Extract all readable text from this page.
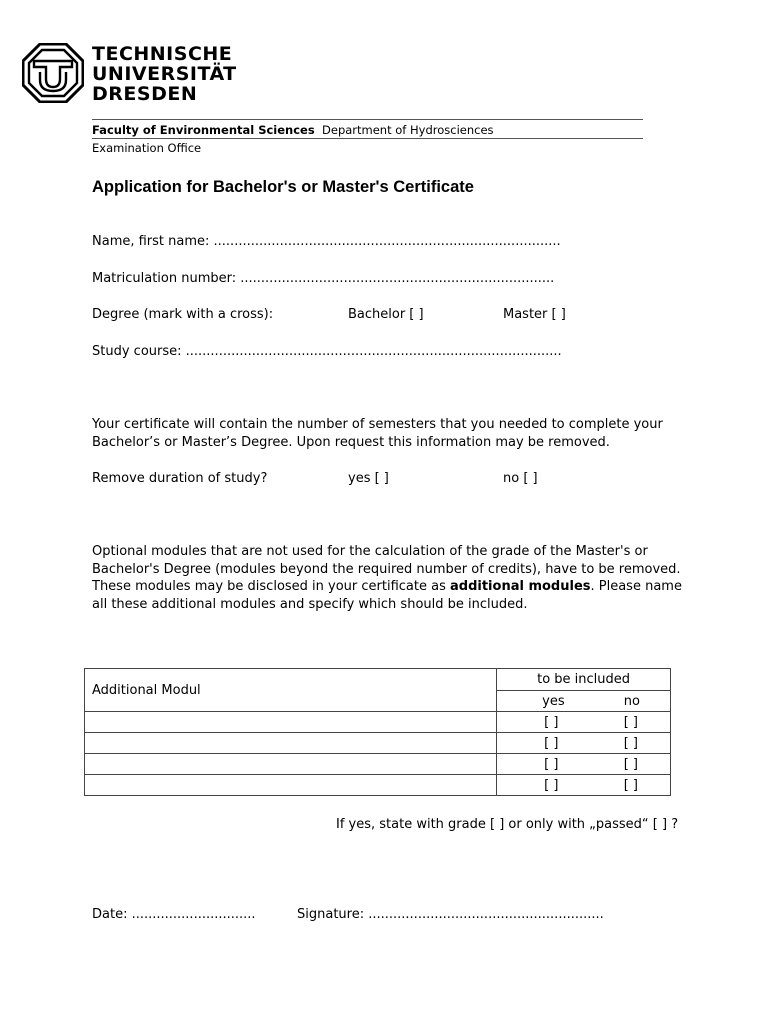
TECHNISCHE
UNIVERSITÄT
DRESDEN
Faculty of Environmental Sciences Department of Hydrosciences
Examination Office
Application for Bachelor's or Master's Certificate
Name, first name: ....................................................................................
Matriculation number: ............................................................................
Degree (mark with a cross):	Bachelor [ ]	Master [ ]
Study course: ...........................................................................................
Your certificate will contain the number of semesters that you needed to complete your Bachelor’s or Master’s Degree. Upon request this information may be removed.
Remove duration of study?	yes [ ]	no [ ]

Optional modules that are not used for the calculation of the grade of the Master's or Bachelor's Degree (modules beyond the required number of credits), have to be removed.

These modules may be disclosed in your certificate as additional modules. Please name all these additional modules and specify which should be included.

Additional Modul	to be included

	yes no

	[ ] [ ]

	[ ] [ ]

	[ ] [ ]

	[ ] [ ]
If yes, state with grade [ ] or only with „passed“ [ ] ?
Date: ..............................	Signature: .........................................................
